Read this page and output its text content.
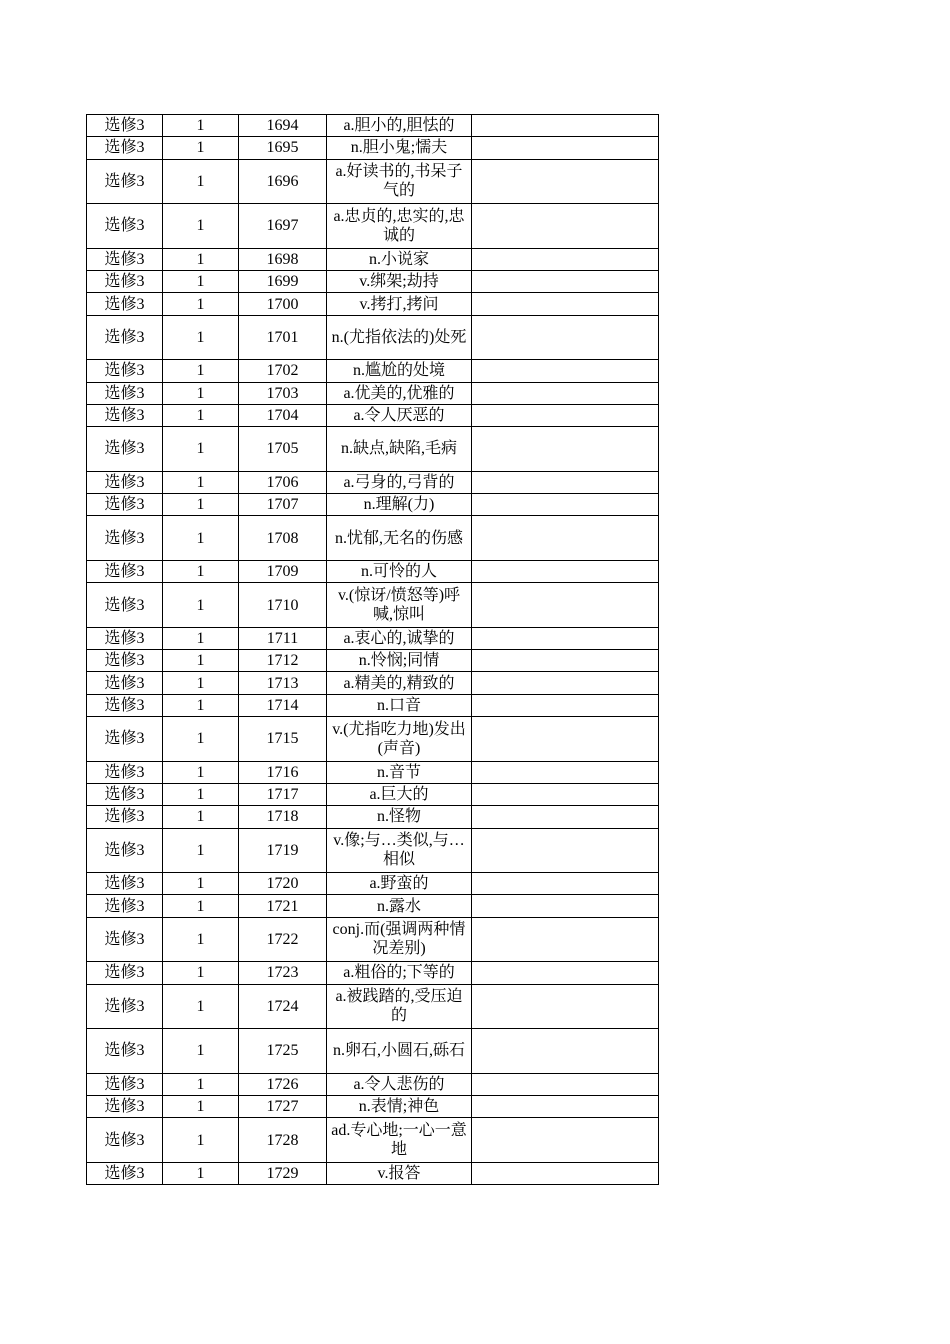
选修3	1	1694	a.胆小的,胆怯的	
选修3	1	1695	n.胆小鬼;懦夫	
选修3	1	1696	a.好读书的,书呆子气的	
选修3	1	1697	a.忠贞的,忠实的,忠诚的	
选修3	1	1698	n.小说家	
选修3	1	1699	v.绑架;劫持	
选修3	1	1700	v.拷打,拷问	
选修3	1	1701	n.(尤指依法的)处死	
选修3	1	1702	n.尴尬的处境	
选修3	1	1703	a.优美的,优雅的	
选修3	1	1704	a.令人厌恶的	
选修3	1	1705	n.缺点,缺陷,毛病	
选修3	1	1706	a.弓身的,弓背的	
选修3	1	1707	n.理解(力)	
选修3	1	1708	n.忧郁,无名的伤感	
选修3	1	1709	n.可怜的人	
选修3	1	1710	v.(惊讶/愤怒等)呼喊,惊叫	
选修3	1	1711	a.衷心的,诚挚的	
选修3	1	1712	n.怜悯;同情	
选修3	1	1713	a.精美的,精致的	
选修3	1	1714	n.口音	
选修3	1	1715	v.(尤指吃力地)发出(声音)	
选修3	1	1716	n.音节	
选修3	1	1717	a.巨大的	
选修3	1	1718	n.怪物	
选修3	1	1719	v.像;与…类似,与…相似	
选修3	1	1720	a.野蛮的	
选修3	1	1721	n.露水	
选修3	1	1722	conj.而(强调两种情况差别)	
选修3	1	1723	a.粗俗的;下等的	
选修3	1	1724	a.被践踏的,受压迫的	
选修3	1	1725	n.卵石,小圆石,砾石	
选修3	1	1726	a.令人悲伤的	
选修3	1	1727	n.表情;神色	
选修3	1	1728	ad.专心地;一心一意地	
选修3	1	1729	v.报答	
